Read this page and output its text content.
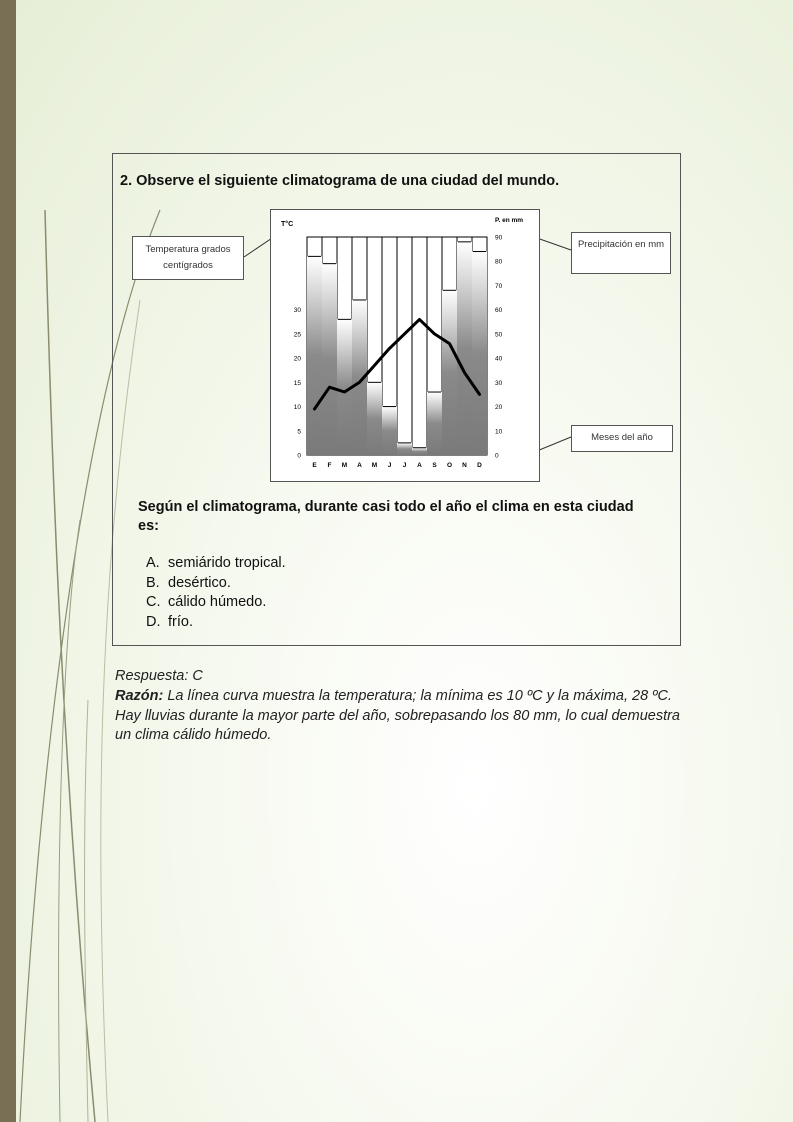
2. Observe el siguiente climatograma de una ciudad del mundo.
Temperatura grados centígrados
Precipitación en mm
Meses del año
E F M A M J J A S O N D
0
5
10
15
20
25
30
0
10
20
30
40
50
60
70
80
90
T°C
P. en mm
Según el climatograma, durante casi todo el año el clima en esta ciudad es:
A. semiárido tropical.
B. desértico.
C. cálido húmedo.
D. frío.
Respuesta: C
Razón: La línea curva muestra la temperatura; la mínima es 10 ºC y la máxima, 28 ºC. Hay lluvias durante la mayor parte del año, sobrepasando los 80 mm, lo cual demuestra un clima cálido húmedo.
